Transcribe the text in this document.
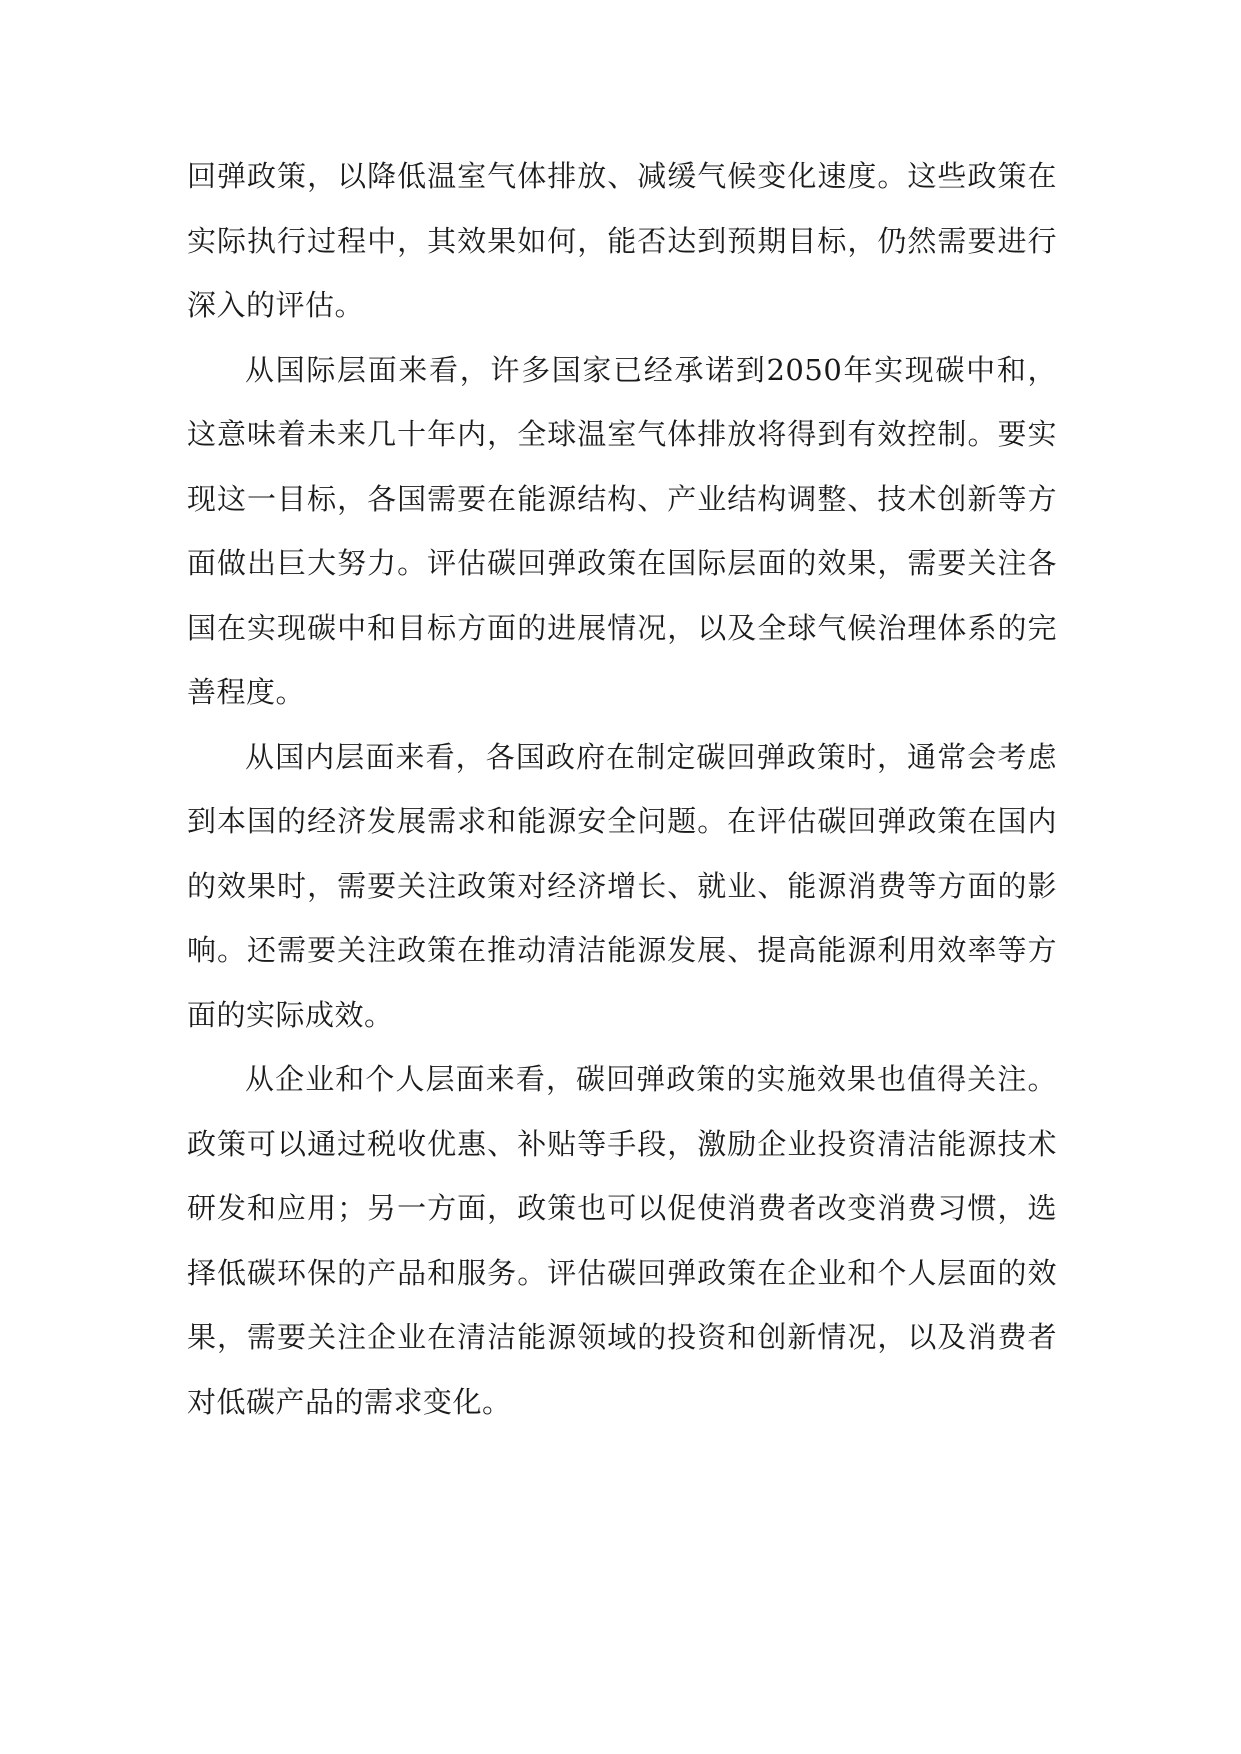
回弹政策，以降低温室气体排放、减缓气候变化速度。这些政策在实际执行过程中，其效果如何，能否达到预期目标，仍然需要进行深入的评估。

从国际层面来看，许多国家已经承诺到2050年实现碳中和，这意味着未来几十年内，全球温室气体排放将得到有效控制。要实现这一目标，各国需要在能源结构、产业结构调整、技术创新等方面做出巨大努力。评估碳回弹政策在国际层面的效果，需要关注各国在实现碳中和目标方面的进展情况，以及全球气候治理体系的完善程度。

从国内层面来看，各国政府在制定碳回弹政策时，通常会考虑到本国的经济发展需求和能源安全问题。在评估碳回弹政策在国内的效果时，需要关注政策对经济增长、就业、能源消费等方面的影响。还需要关注政策在推动清洁能源发展、提高能源利用效率等方面的实际成效。

从企业和个人层面来看，碳回弹政策的实施效果也值得关注。政策可以通过税收优惠、补贴等手段，激励企业投资清洁能源技术研发和应用；另一方面，政策也可以促使消费者改变消费习惯，选择低碳环保的产品和服务。评估碳回弹政策在企业和个人层面的效果，需要关注企业在清洁能源领域的投资和创新情况，以及消费者对低碳产品的需求变化。
